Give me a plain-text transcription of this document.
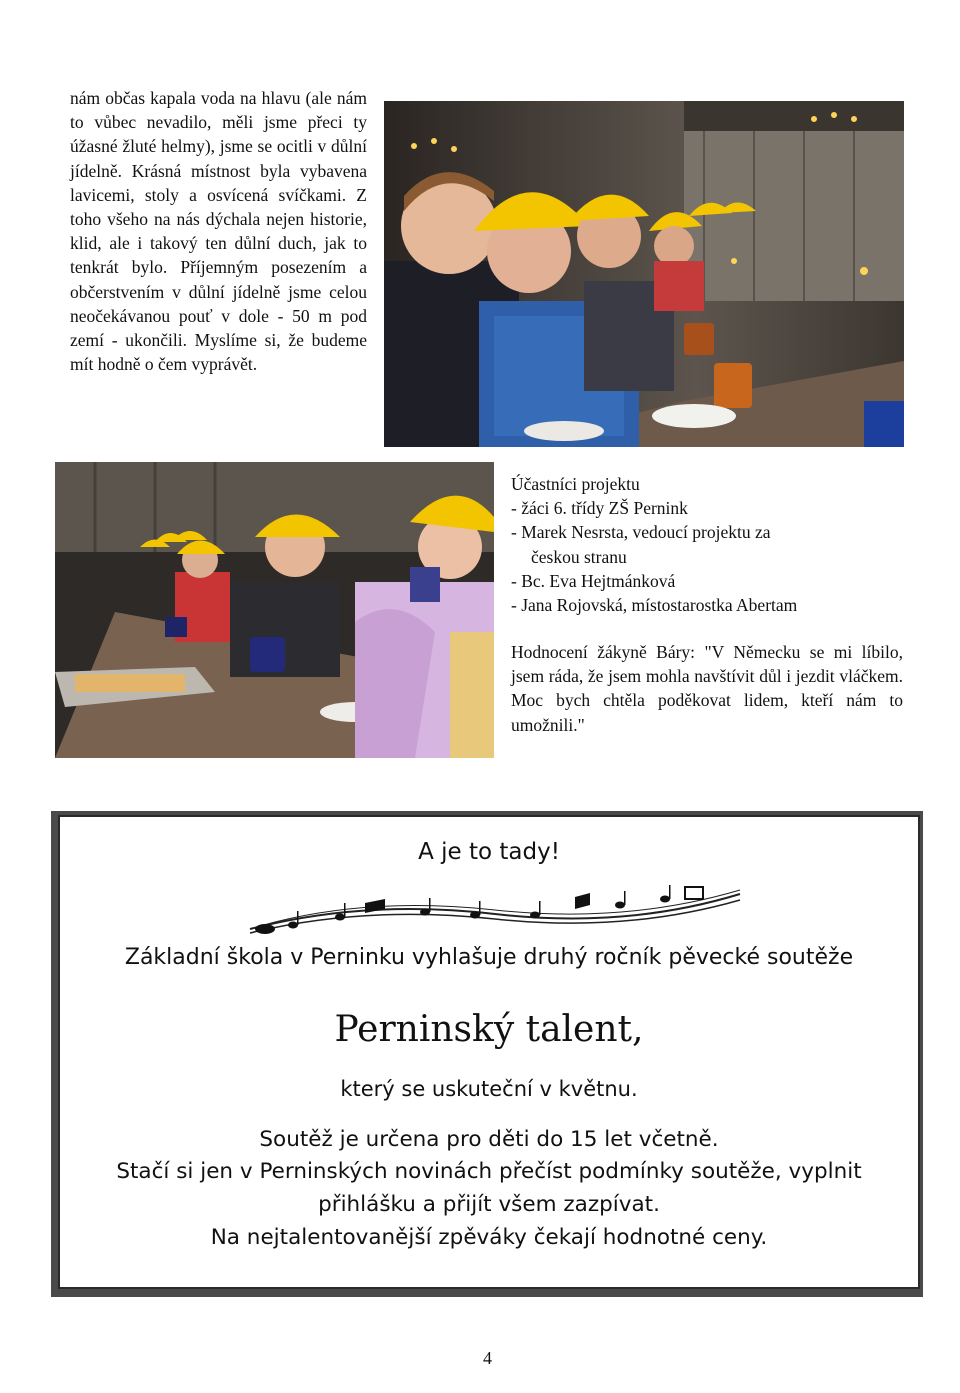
nám občas kapala voda na hlavu (ale nám to vůbec nevadilo, měli jsme přeci ty úžasné žluté helmy), jsme se ocitli v důlní jídelně. Krásná místnost byla vybavena lavicemi, stoly a osvícená svíčkami. Z toho všeho na nás dýchala nejen historie, klid, ale i takový ten důlní duch, jak to tenkrát bylo. Příjemným posezením a občerstvením v důlní jídelně jsme celou neočekávanou pouť v dole - 50 m pod zemí - ukončili. Myslíme si, že budeme mít hodně o čem vyprávět.
Účastníci projektu
- žáci 6. třídy ZŠ Pernink
- Marek Nesrsta, vedoucí projektu za
českou stranu
- Bc. Eva Hejtmánková
- Jana Rojovská, místostarostka Abertam
Hodnocení žákyně Báry: "V Německu se mi líbilo, jsem ráda, že jsem mohla navštívit důl i jezdit vláčkem. Moc bych chtěla poděkovat lidem, kteří nám to umožnili."
A je to tady!
Základní škola v Perninku vyhlašuje druhý ročník pěvecké soutěže
Perninský talent,
který se uskuteční v květnu.
Soutěž je určena pro děti do 15 let včetně.
Stačí si jen v Perninských novinách přečíst podmínky soutěže, vyplnit
přihlášku a přijít všem zazpívat.
Na nejtalentovanější zpěváky čekají hodnotné ceny.
4
